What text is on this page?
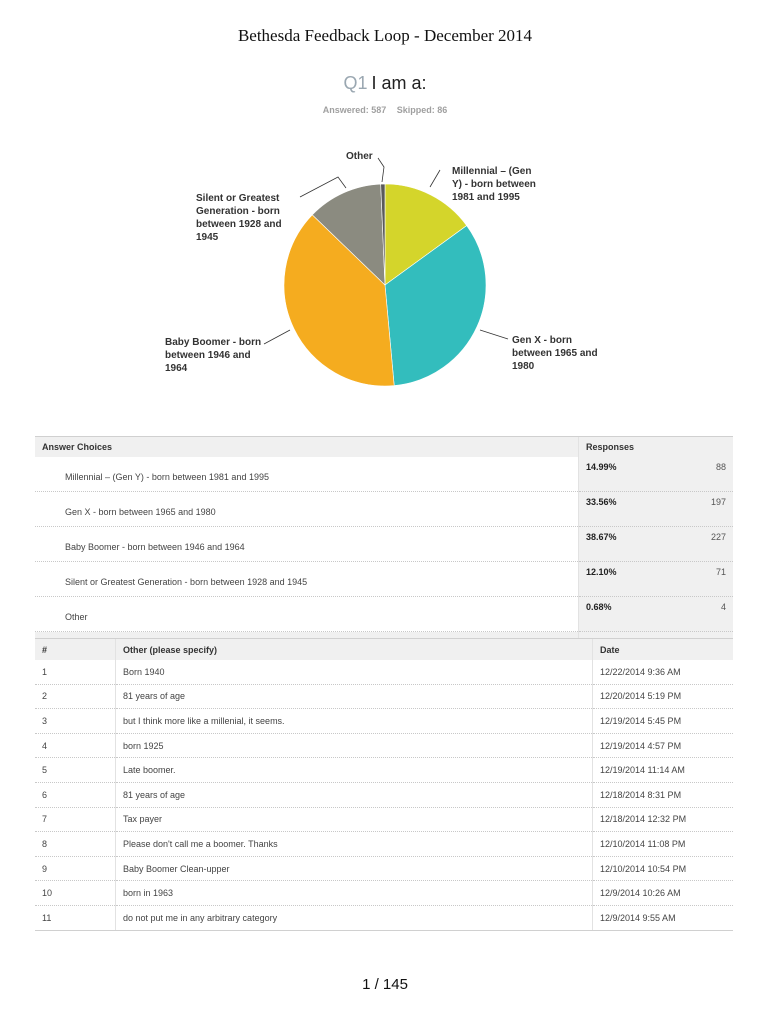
Bethesda Feedback Loop - December 2014
Q1 I am a:
Answered: 587 Skipped: 86
Other
Silent or Greatest Generation - born between 1928 and 1945
Millennial – (Gen Y) - born between 1981 and 1995
Gen X - born between 1965 and 1980
Baby Boomer - born between 1946 and 1964
Answer Choices	Responses
Millennial – (Gen Y) - born between 1981 and 1995	14.99% 88

Gen X - born between 1965 and 1980	33.56% 197

Baby Boomer - born between 1946 and 1964	38.67% 227

Silent or Greatest Generation - born between 1928 and 1945	12.10% 71

Other	0.68% 4

#	Other (please specify)	Date
1	Born 1940	12/22/2014 9:36 AM
2	81 years of age	12/20/2014 5:19 PM
3	but I think more like a millenial, it seems.	12/19/2014 5:45 PM
4	born 1925	12/19/2014 4:57 PM
5	Late boomer.	12/19/2014 11:14 AM
6	81 years of age	12/18/2014 8:31 PM
7	Tax payer	12/18/2014 12:32 PM
8	Please don't call me a boomer. Thanks	12/10/2014 11:08 PM
9	Baby Boomer Clean-upper	12/10/2014 10:54 PM
10	born in 1963	12/9/2014 10:26 AM
11	do not put me in any arbitrary category	12/9/2014 9:55 AM
1 / 145
